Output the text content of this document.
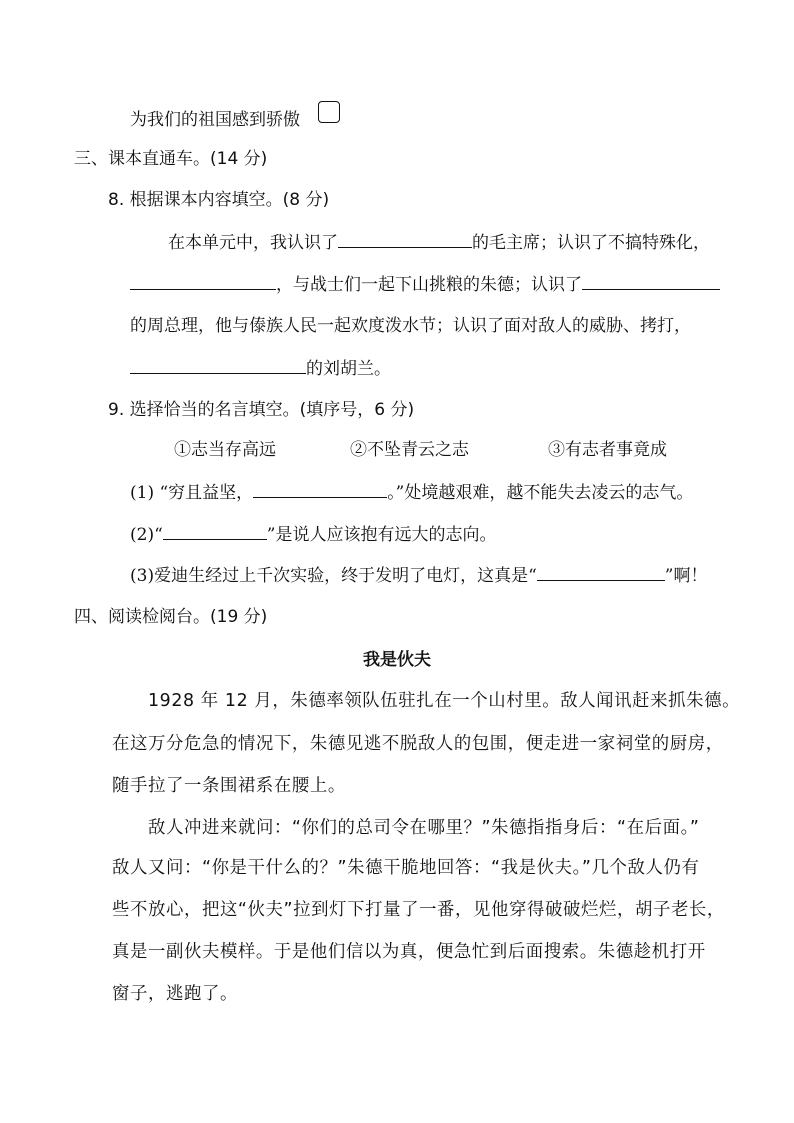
为我们的祖国感到骄傲
三、课本直通车。(14 分)
8. 根据课本内容填空。(8 分)
在本单元中，我认识了	的毛主席；认识了不搞特殊化，
，与战士们一起下山挑粮的朱德；认识了
的周总理，他与傣族人民一起欢度泼水节；认识了面对敌人的威胁、拷打，
的刘胡兰。
9. 选择恰当的名言填空。(填序号，6 分)
①志当存高远	②不坠青云之志	③有志者事竟成
(1) “穷且益坚，	。”处境越艰难，越不能失去凌云的志气。
(2)“	”是说人应该抱有远大的志向。
(3)爱迪生经过上千次实验，终于发明了电灯，这真是“	”啊！
四、阅读检阅台。(19 分)
我是伙夫
1928 年 12 月，朱德率领队伍驻扎在一个山村里。敌人闻讯赶来抓朱德。
在这万分危急的情况下，朱德见逃不脱敌人的包围，便走进一家祠堂的厨房，
随手拉了一条围裙系在腰上。
敌人冲进来就问：“你们的总司令在哪里？”朱德指指身后：“在后面。”
敌人又问：“你是干什么的？”朱德干脆地回答：“我是伙夫。”几个敌人仍有
些不放心，把这“伙夫”拉到灯下打量了一番，见他穿得破破烂烂，胡子老长，
真是一副伙夫模样。于是他们信以为真，便急忙到后面搜索。朱德趁机打开
窗子，逃跑了。
